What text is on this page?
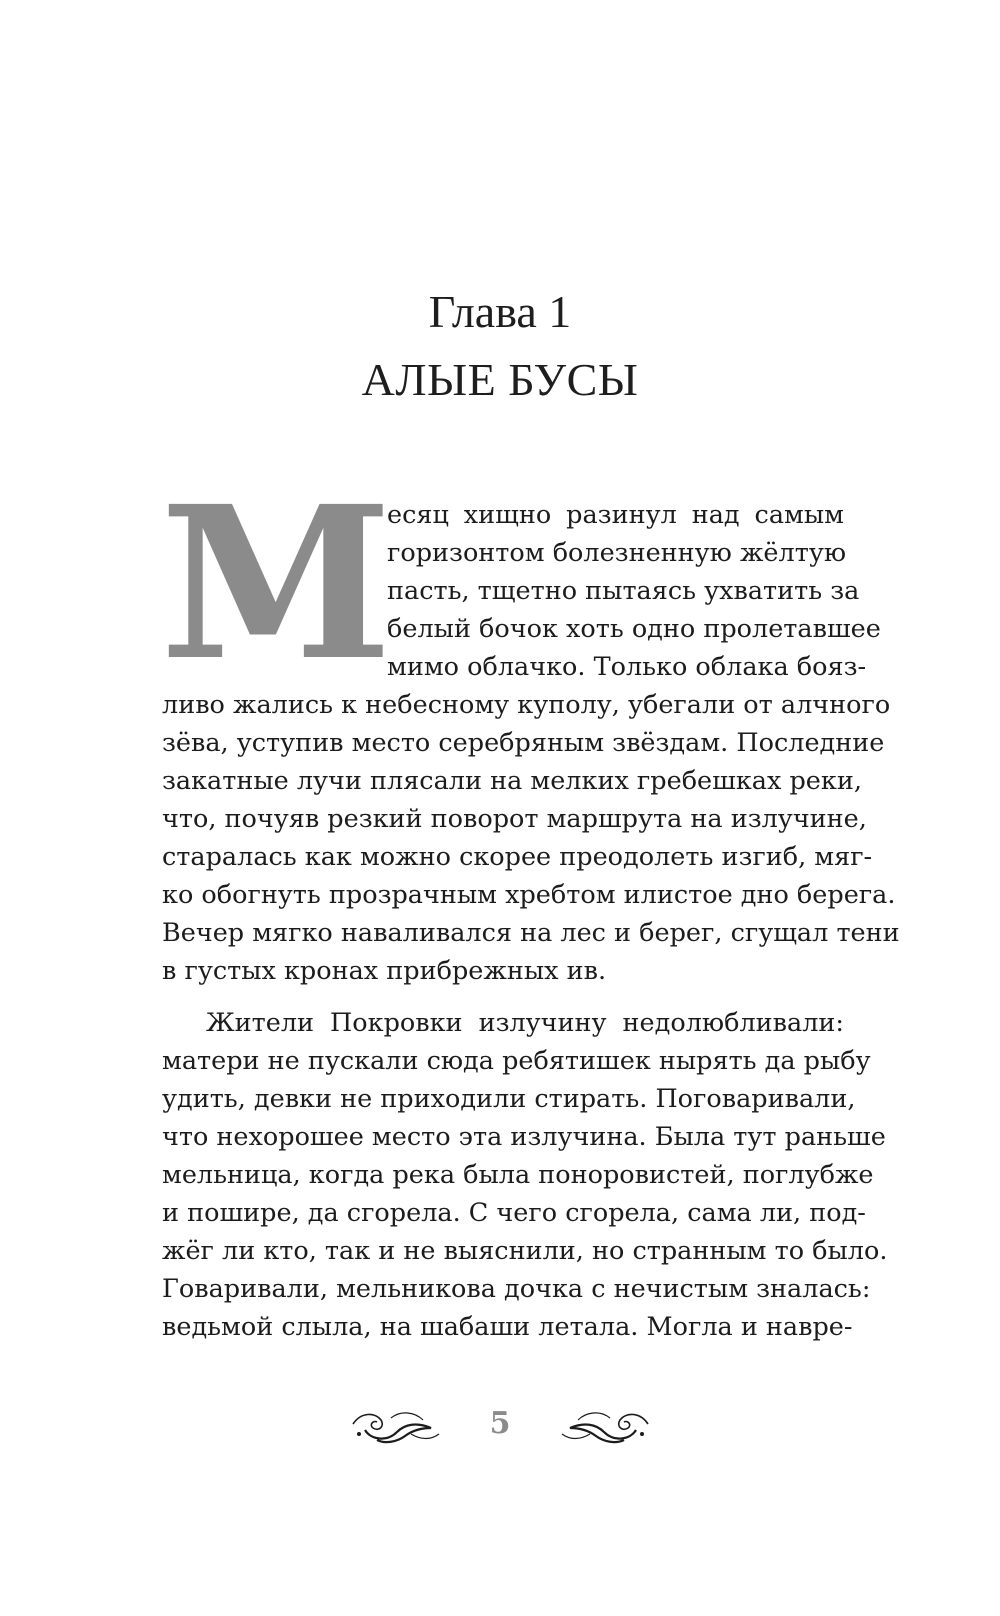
Глава 1
АЛЫЕ БУСЫ
М
есяц хищно разинул над самым
горизонтом болезненную жёлтую
пасть, тщетно пытаясь ухватить за
белый бочок хоть одно пролетавшее
мимо облачко. Только облака бояз-
ливо жались к небесному куполу, убегали от алчного
зёва, уступив место серебряным звёздам. Последние
закатные лучи плясали на мелких гребешках реки,
что, почуяв резкий поворот маршрута на излучине,
старалась как можно скорее преодолеть изгиб, мяг-
ко обогнуть прозрачным хребтом илистое дно берега.
Вечер мягко наваливался на лес и берег, сгущал тени
в густых кронах прибрежных ив.
Жители Покровки излучину недолюбливали:
матери не пускали сюда ребятишек нырять да рыбу
удить, девки не приходили стирать. Поговаривали,
что нехорошее место эта излучина. Была тут раньше
мельница, когда река была поноровистей, поглубже
и пошире, да сгорела. С чего сгорела, сама ли, под-
жёг ли кто, так и не выяснили, но странным то было.
Говаривали, мельникова дочка с нечистым зналась:
ведьмой слыла, на шабаши летала. Могла и навре-
5
